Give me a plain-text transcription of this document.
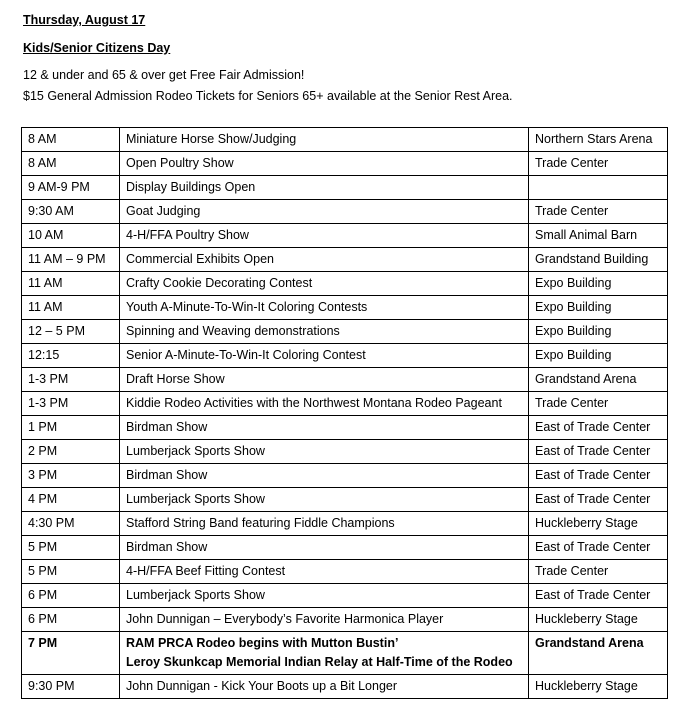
Thursday, August 17
Kids/Senior Citizens Day
12 & under and 65 & over get Free Fair Admission!
$15 General Admission Rodeo Tickets for Seniors 65+ available at the Senior Rest Area.
8 AM	Miniature Horse Show/Judging	Northern Stars Arena
8 AM	Open Poultry Show	Trade Center
9 AM-9 PM	Display Buildings Open	

9:30 AM	Goat Judging	Trade Center
10 AM	4-H/FFA Poultry Show	Small Animal Barn
11 AM – 9 PM	Commercial Exhibits Open	Grandstand Building
11 AM	Crafty Cookie Decorating Contest	Expo Building
11 AM	Youth A-Minute-To-Win-It Coloring Contests	Expo Building
12 – 5 PM	Spinning and Weaving demonstrations	Expo Building
12:15	Senior A-Minute-To-Win-It Coloring Contest	Expo Building
1-3 PM	Draft Horse Show	Grandstand Arena
1-3 PM	Kiddie Rodeo Activities with the Northwest Montana Rodeo Pageant	Trade Center
1 PM	Birdman Show	East of Trade Center
2 PM	Lumberjack Sports Show	East of Trade Center
3 PM	Birdman Show	East of Trade Center
4 PM	Lumberjack Sports Show	East of Trade Center
4:30 PM	Stafford String Band featuring Fiddle Champions	Huckleberry Stage
5 PM	Birdman Show	East of Trade Center
5 PM	4-H/FFA Beef Fitting Contest	Trade Center
6 PM	Lumberjack Sports Show	East of Trade Center
6 PM	John Dunnigan – Everybody’s Favorite Harmonica Player	Huckleberry Stage
7 PM	RAM PRCA Rodeo begins with Mutton Bustin’
Leroy Skunkcap Memorial Indian Relay at Half-Time of the Rodeo	Grandstand Arena
9:30 PM	John Dunnigan - Kick Your Boots up a Bit Longer	Huckleberry Stage
